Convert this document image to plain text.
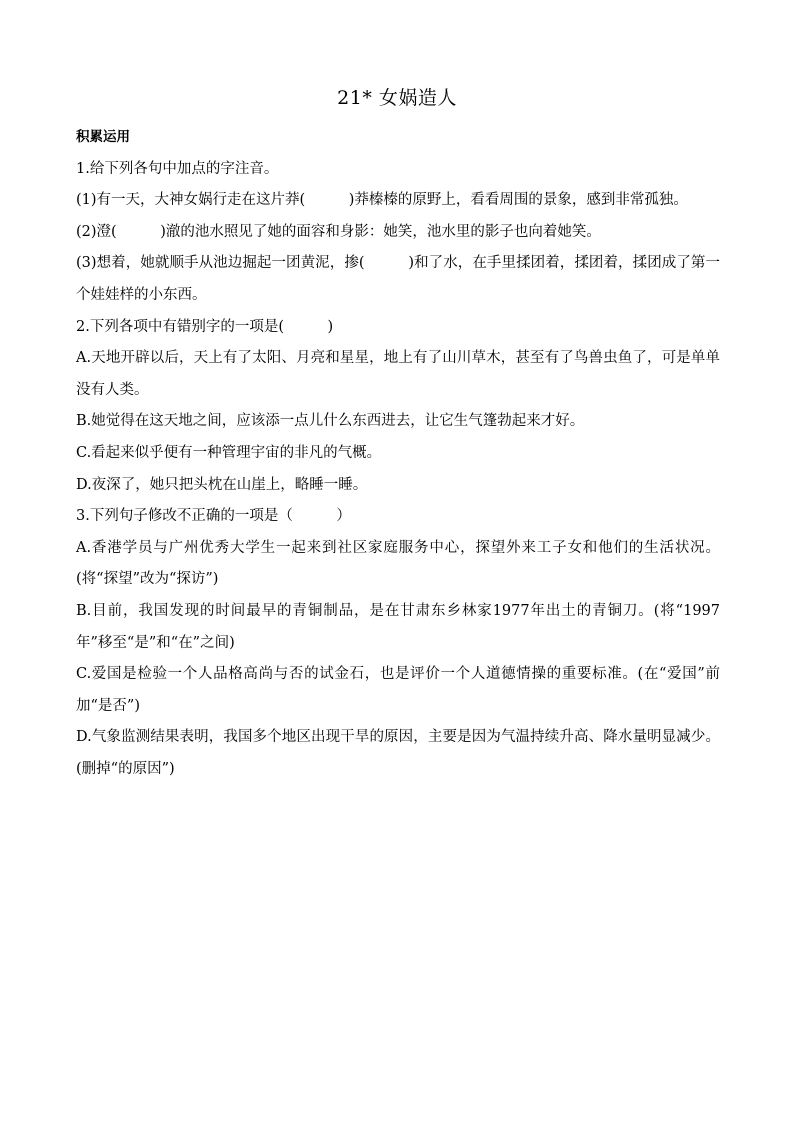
21* 女娲造人
积累运用

1.给下列各句中加点的字注音。

(1)有一天，大神女娲行走在这片莽(　　　)莽榛榛的原野上，看看周围的景象，感到非常孤独。

(2)澄(　　　)澈的池水照见了她的面容和身影：她笑，池水里的影子也向着她笑。

(3)想着，她就顺手从池边掘起一团黄泥，掺(　　　)和了水，在手里揉团着，揉团着，揉团成了第一个娃娃样的小东西。

2.下列各项中有错别字的一项是(　　　)

A.天地开辟以后，天上有了太阳、月亮和星星，地上有了山川草木，甚至有了鸟兽虫鱼了，可是单单没有人类。

B.她觉得在这天地之间，应该添一点儿什么东西进去，让它生气篷勃起来才好。

C.看起来似乎便有一种管理宇宙的非凡的气概。

D.夜深了，她只把头枕在山崖上，略睡一睡。

3.下列句子修改不正确的一项是（　　　）

A.香港学员与广州优秀大学生一起来到社区家庭服务中心，探望外来工子女和他们的生活状况。(将“探望”改为“探访”)

B.目前，我国发现的时间最早的青铜制品，是在甘肃东乡林家1977年出土的青铜刀。(将“1997年”移至“是”和“在”之间)

C.爱国是检验一个人品格高尚与否的试金石，也是评价一个人道德情操的重要标准。(在“爱国”前加“是否”)

D.气象监测结果表明，我国多个地区出现干旱的原因，主要是因为气温持续升高、降水量明显减少。(删掉“的原因”)
